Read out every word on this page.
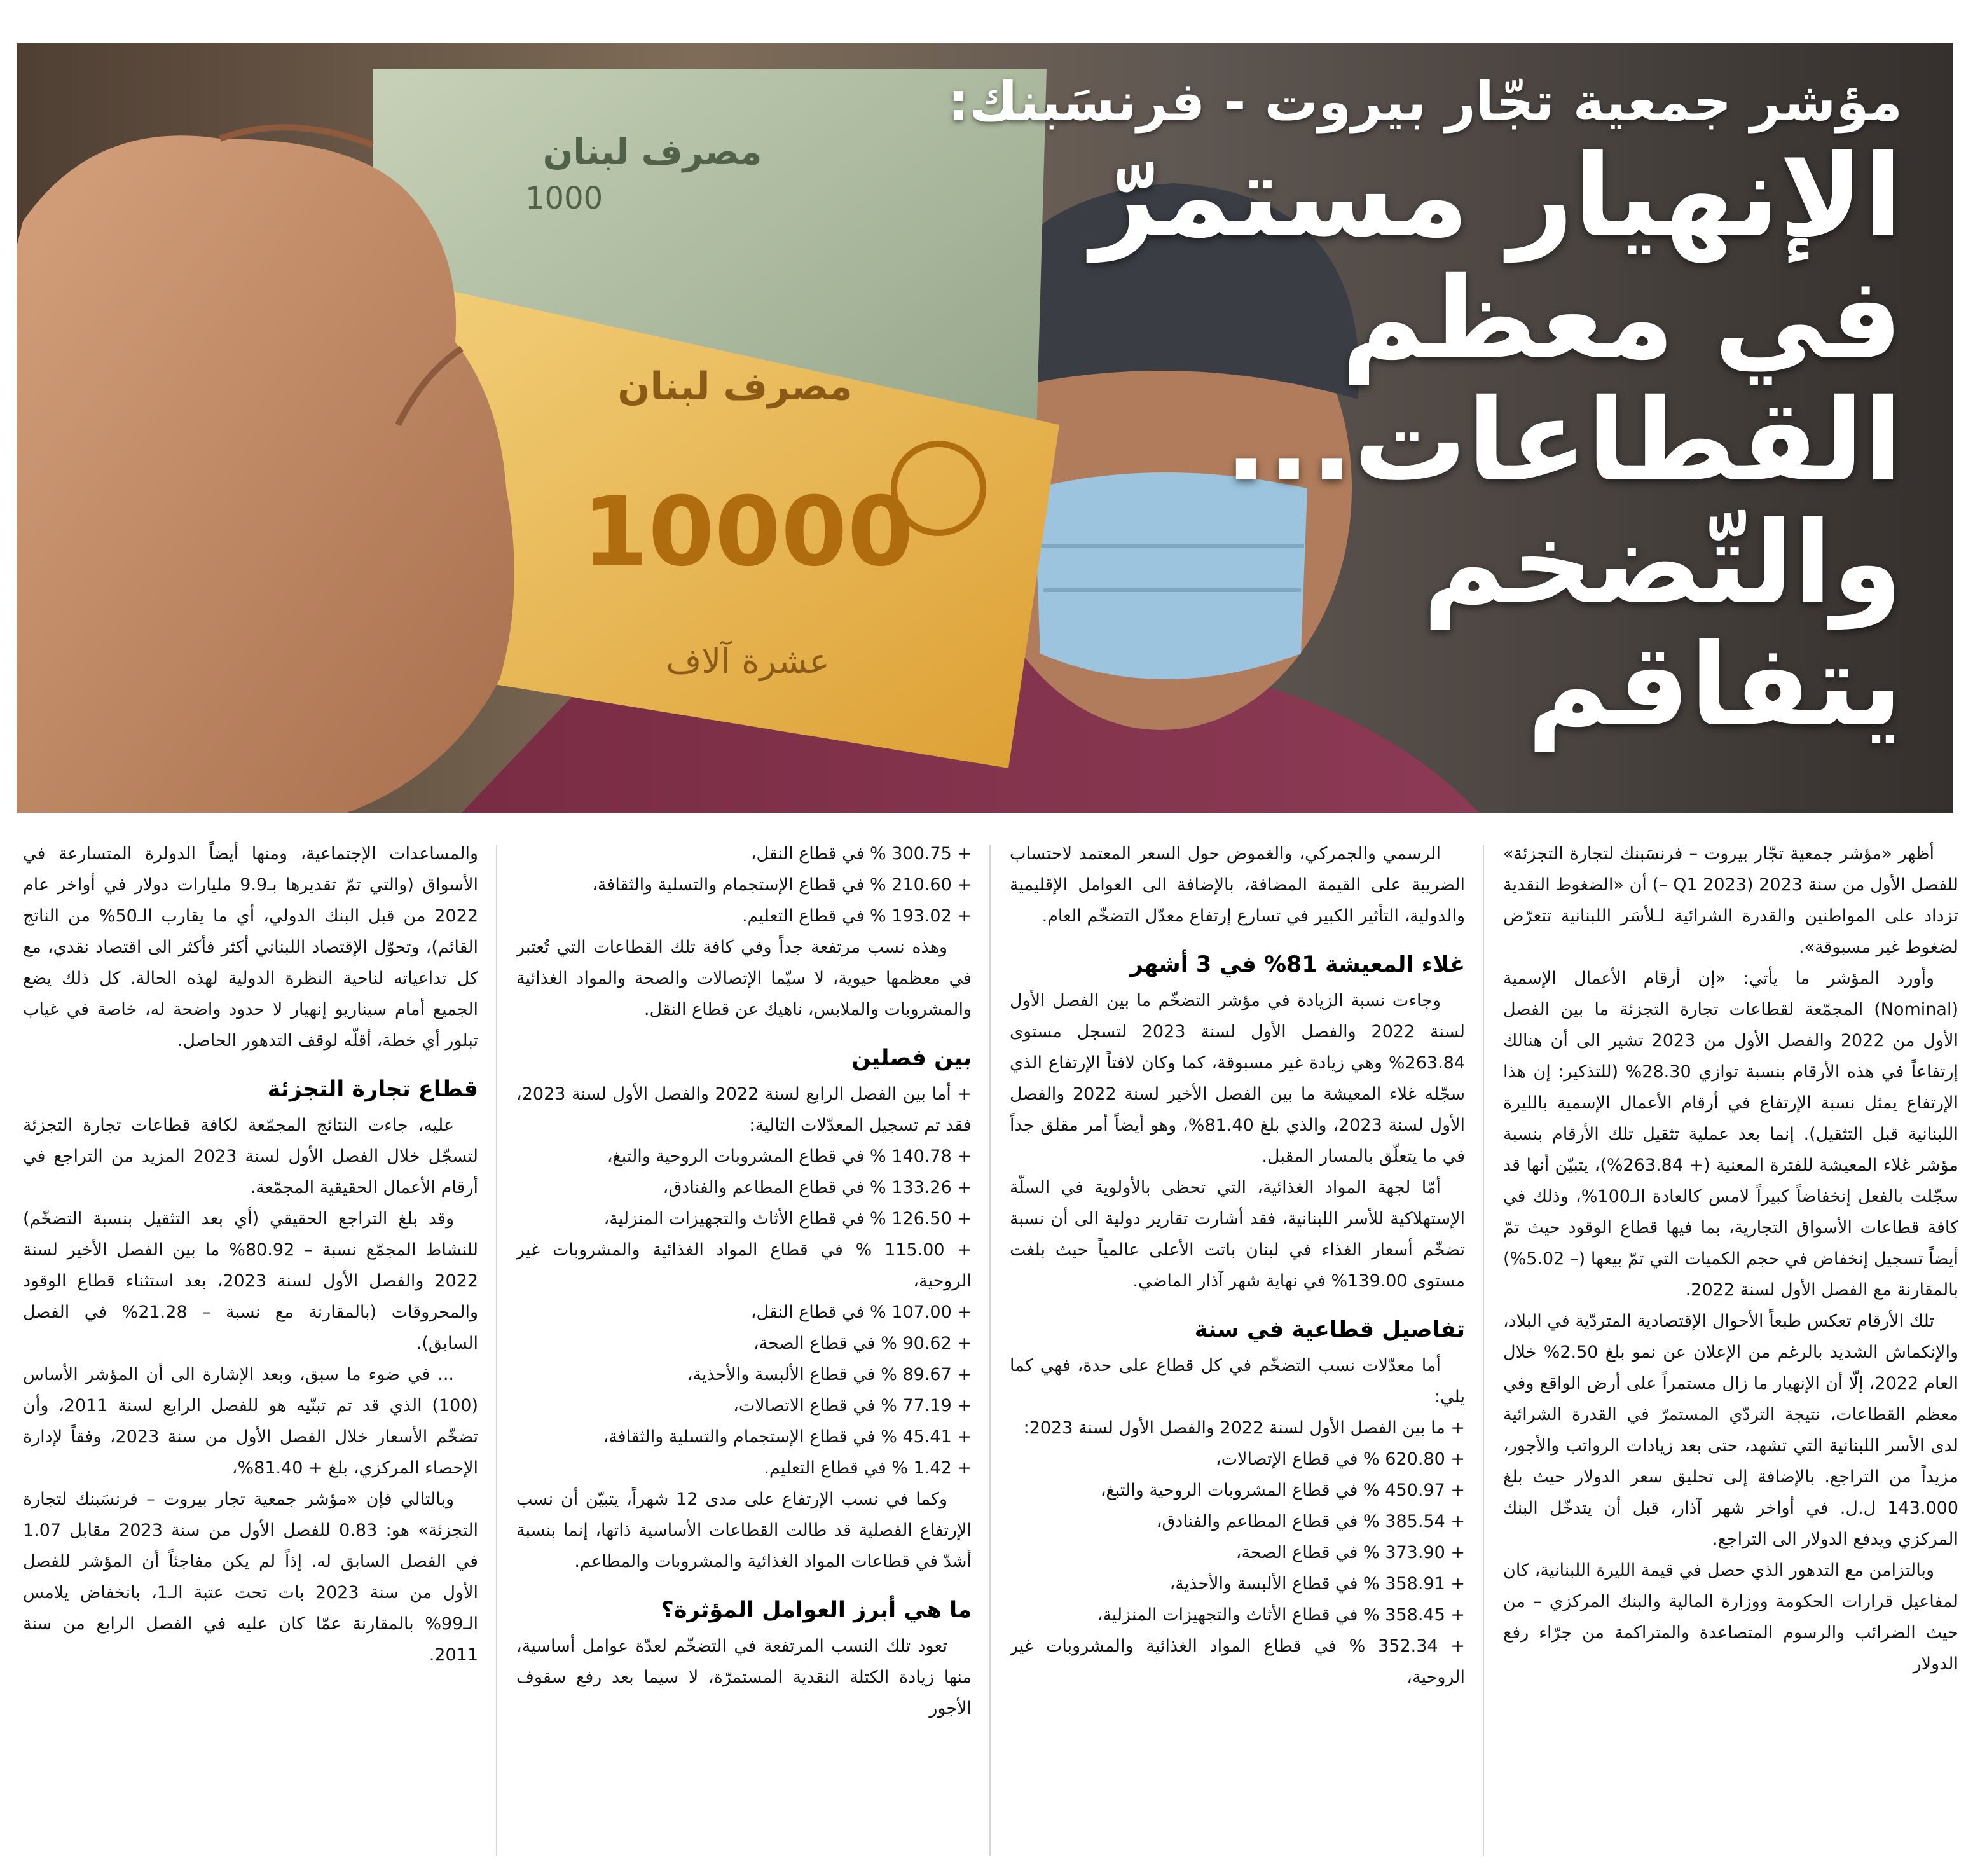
مصرف لبنان
1000
مصرف لبنان
10000
عشرة آلاف
مؤشر جمعية تجّار بيروت - فرنسَبنك:
الإنهيار مستمرّ
في معظم
القطاعات...
والتّضخم
يتفاقم

أظهر «مؤشر جمعية تجّار بيروت – فرنسَبنك لتجارة التجزئة» للفصل الأول من سنة 2023 (Q1 2023 –) أن «الضغوط النقدية تزداد على المواطنين والقدرة الشرائية لـلأسَر اللبنانية تتعرّض لضغوط غير مسبوقة».

وأورد المؤشر ما يأتي: «إن أرقام الأعمال الإسمية (Nominal) المجمّعة لقطاعات تجارة التجزئة ما بين الفصل الأول من 2022 والفصل الأول من 2023 تشير الى أن هنالك إرتفاعاً في هذه الأرقام بنسبة توازي 28.30% (للتذكير: إن هذا الإرتفاع يمثل نسبة الإرتفاع في أرقام الأعمال الإسمية بالليرة اللبنانية قبل التثقيل). إنما بعد عملية تثقيل تلك الأرقام بنسبة مؤشر غلاء المعيشة للفترة المعنية (+ 263.84%)، يتبيّن أنها قد سجّلت بالفعل إنخفاضاً كبيراً لامس كالعادة الـ100%، وذلك في كافة قطاعات الأسواق التجارية، بما فيها قطاع الوقود حيث تمّ أيضاً تسجيل إنخفاض في حجم الكميات التي تمّ بيعها (– 5.02%) بالمقارنة مع الفصل الأول لسنة 2022.

تلك الأرقام تعكس طبعاً الأحوال الإقتصادية المتردّية في البلاد، والإنكماش الشديد بالرغم من الإعلان عن نمو بلغ 2.50% خلال العام 2022، إلّا أن الإنهيار ما زال مستمراً على أرض الواقع وفي معظم القطاعات، نتيجة التردّي المستمرّ في القدرة الشرائية لدى الأسر اللبنانية التي تشهد، حتى بعد زيادات الرواتب والأجور، مزيداً من التراجع. بالإضافة إلى تحليق سعر الدولار حيث بلغ 143.000 ل.ل. في أواخر شهر آذار، قبل أن يتدخّل البنك المركزي ويدفع الدولار الى التراجع.

وبالتزامن مع التدهور الذي حصل في قيمة الليرة اللبنانية، كان لمفاعيل قرارات الحكومة ووزارة المالية والبنك المركزي – من حيث الضرائب والرسوم المتصاعدة والمتراكمة من جرّاء رفع الدولار

الرسمي والجمركي، والغموض حول السعر المعتمد لاحتساب الضريبة على القيمة المضافة، بالإضافة الى العوامل الإقليمية والدولية، التأثير الكبير في تسارع إرتفاع معدّل التضخّم العام.

غلاء المعيشة 81% في 3 أشهر

وجاءت نسبة الزيادة في مؤشر التضخّم ما بين الفصل الأول لسنة 2022 والفصل الأول لسنة 2023 لتسجل مستوى 263.84% وهي زيادة غير مسبوقة، كما وكان لافتاً الإرتفاع الذي سجّله غلاء المعيشة ما بين الفصل الأخير لسنة 2022 والفصل الأول لسنة 2023، والذي بلغ 81.40%، وهو أيضاً أمر مقلق جداً في ما يتعلّق بالمسار المقبل.

أمّا لجهة المواد الغذائية، التي تحظى بالأولوية في السلّة الإستهلاكية للأسر اللبنانية، فقد أشارت تقارير دولية الى أن نسبة تضخّم أسعار الغذاء في لبنان باتت الأعلى عالمياً حيث بلغت مستوى 139.00% في نهاية شهر آذار الماضي.

تفاصيل قطاعية في سنة

أما معدّلات نسب التضخّم في كل قطاع على حدة، فهي كما يلي:

+ ما بين الفصل الأول لسنة 2022 والفصل الأول لسنة 2023:

+ 620.80 % في قطاع الإتصالات،

+ 450.97 % في قطاع المشروبات الروحية والتبغ،

+ 385.54 % في قطاع المطاعم والفنادق،

+ 373.90 % في قطاع الصحة،

+ 358.91 % في قطاع الألبسة والأحذية،

+ 358.45 % في قطاع الأثاث والتجهيزات المنزلية،

+ 352.34 % في قطاع المواد الغذائية والمشروبات غير الروحية،

+ 300.75 % في قطاع النقل،

+ 210.60 % في قطاع الإستجمام والتسلية والثقافة،

+ 193.02 % في قطاع التعليم.

وهذه نسب مرتفعة جداً وفي كافة تلك القطاعات التي تُعتبر في معظمها حيوية، لا سيّما الإتصالات والصحة والمواد الغذائية والمشروبات والملابس، ناهيك عن قطاع النقل.

بين فصلين

+ أما بين الفصل الرابع لسنة 2022 والفصل الأول لسنة 2023، فقد تم تسجيل المعدّلات التالية:

+ 140.78 % في قطاع المشروبات الروحية والتبغ،

+ 133.26 % في قطاع المطاعم والفنادق،

+ 126.50 % في قطاع الأثاث والتجهيزات المنزلية،

+ 115.00 % في قطاع المواد الغذائية والمشروبات غير الروحية،

+ 107.00 % في قطاع النقل،

+ 90.62 % في قطاع الصحة،

+ 89.67 % في قطاع الألبسة والأحذية،

+ 77.19 % في قطاع الاتصالات،

+ 45.41 % في قطاع الإستجمام والتسلية والثقافة،

+ 1.42 % في قطاع التعليم.

وكما في نسب الإرتفاع على مدى 12 شهراً، يتبيّن أن نسب الإرتفاع الفصلية قد طالت القطاعات الأساسية ذاتها، إنما بنسبة أشدّ في قطاعات المواد الغذائية والمشروبات والمطاعم.

ما هي أبرز العوامل المؤثرة؟

تعود تلك النسب المرتفعة في التضخّم لعدّة عوامل أساسية، منها زيادة الكتلة النقدية المستمرّة، لا سيما بعد رفع سقوف الأجور

والمساعدات الإجتماعية، ومنها أيضاً الدولرة المتسارعة في الأسواق (والتي تمّ تقديرها بـ9.9 مليارات دولار في أواخر عام 2022 من قبل البنك الدولي، أي ما يقارب الـ50% من الناتج القائم)، وتحوّل الإقتصاد اللبناني أكثر فأكثر الى اقتصاد نقدي، مع كل تداعياته لناحية النظرة الدولية لهذه الحالة. كل ذلك يضع الجميع أمام سيناريو إنهيار لا حدود واضحة له، خاصة في غياب تبلور أي خطة، أقلّه لوقف التدهور الحاصل.

قطاع تجارة التجزئة

عليه، جاءت النتائج المجمّعة لكافة قطاعات تجارة التجزئة لتسجّل خلال الفصل الأول لسنة 2023 المزيد من التراجع في أرقام الأعمال الحقيقية المجمّعة.

وقد بلغ التراجع الحقيقي (أي بعد التثقيل بنسبة التضخّم) للنشاط المجمّع نسبة – 80.92% ما بين الفصل الأخير لسنة 2022 والفصل الأول لسنة 2023، بعد استثناء قطاع الوقود والمحروقات (بالمقارنة مع نسبة – 21.28% في الفصل السابق).

... في ضوء ما سبق، وبعد الإشارة الى أن المؤشر الأساس (100) الذي قد تم تبنّيه هو للفصل الرابع لسنة 2011، وأن تضخّم الأسعار خلال الفصل الأول من سنة 2023، وفقاً لإدارة الإحصاء المركزي، بلغ + 81.40%،

وبالتالي فإن «مؤشر جمعية تجار بيروت – فرنسَبنك لتجارة التجزئة» هو: 0.83 للفصل الأول من سنة 2023 مقابل 1.07 في الفصل السابق له. إذاً لم يكن مفاجئاً أن المؤشر للفصل الأول من سنة 2023 بات تحت عتبة الـ1، بانخفاض يلامس الـ99% بالمقارنة عمّا كان عليه في الفصل الرابع من سنة 2011.
